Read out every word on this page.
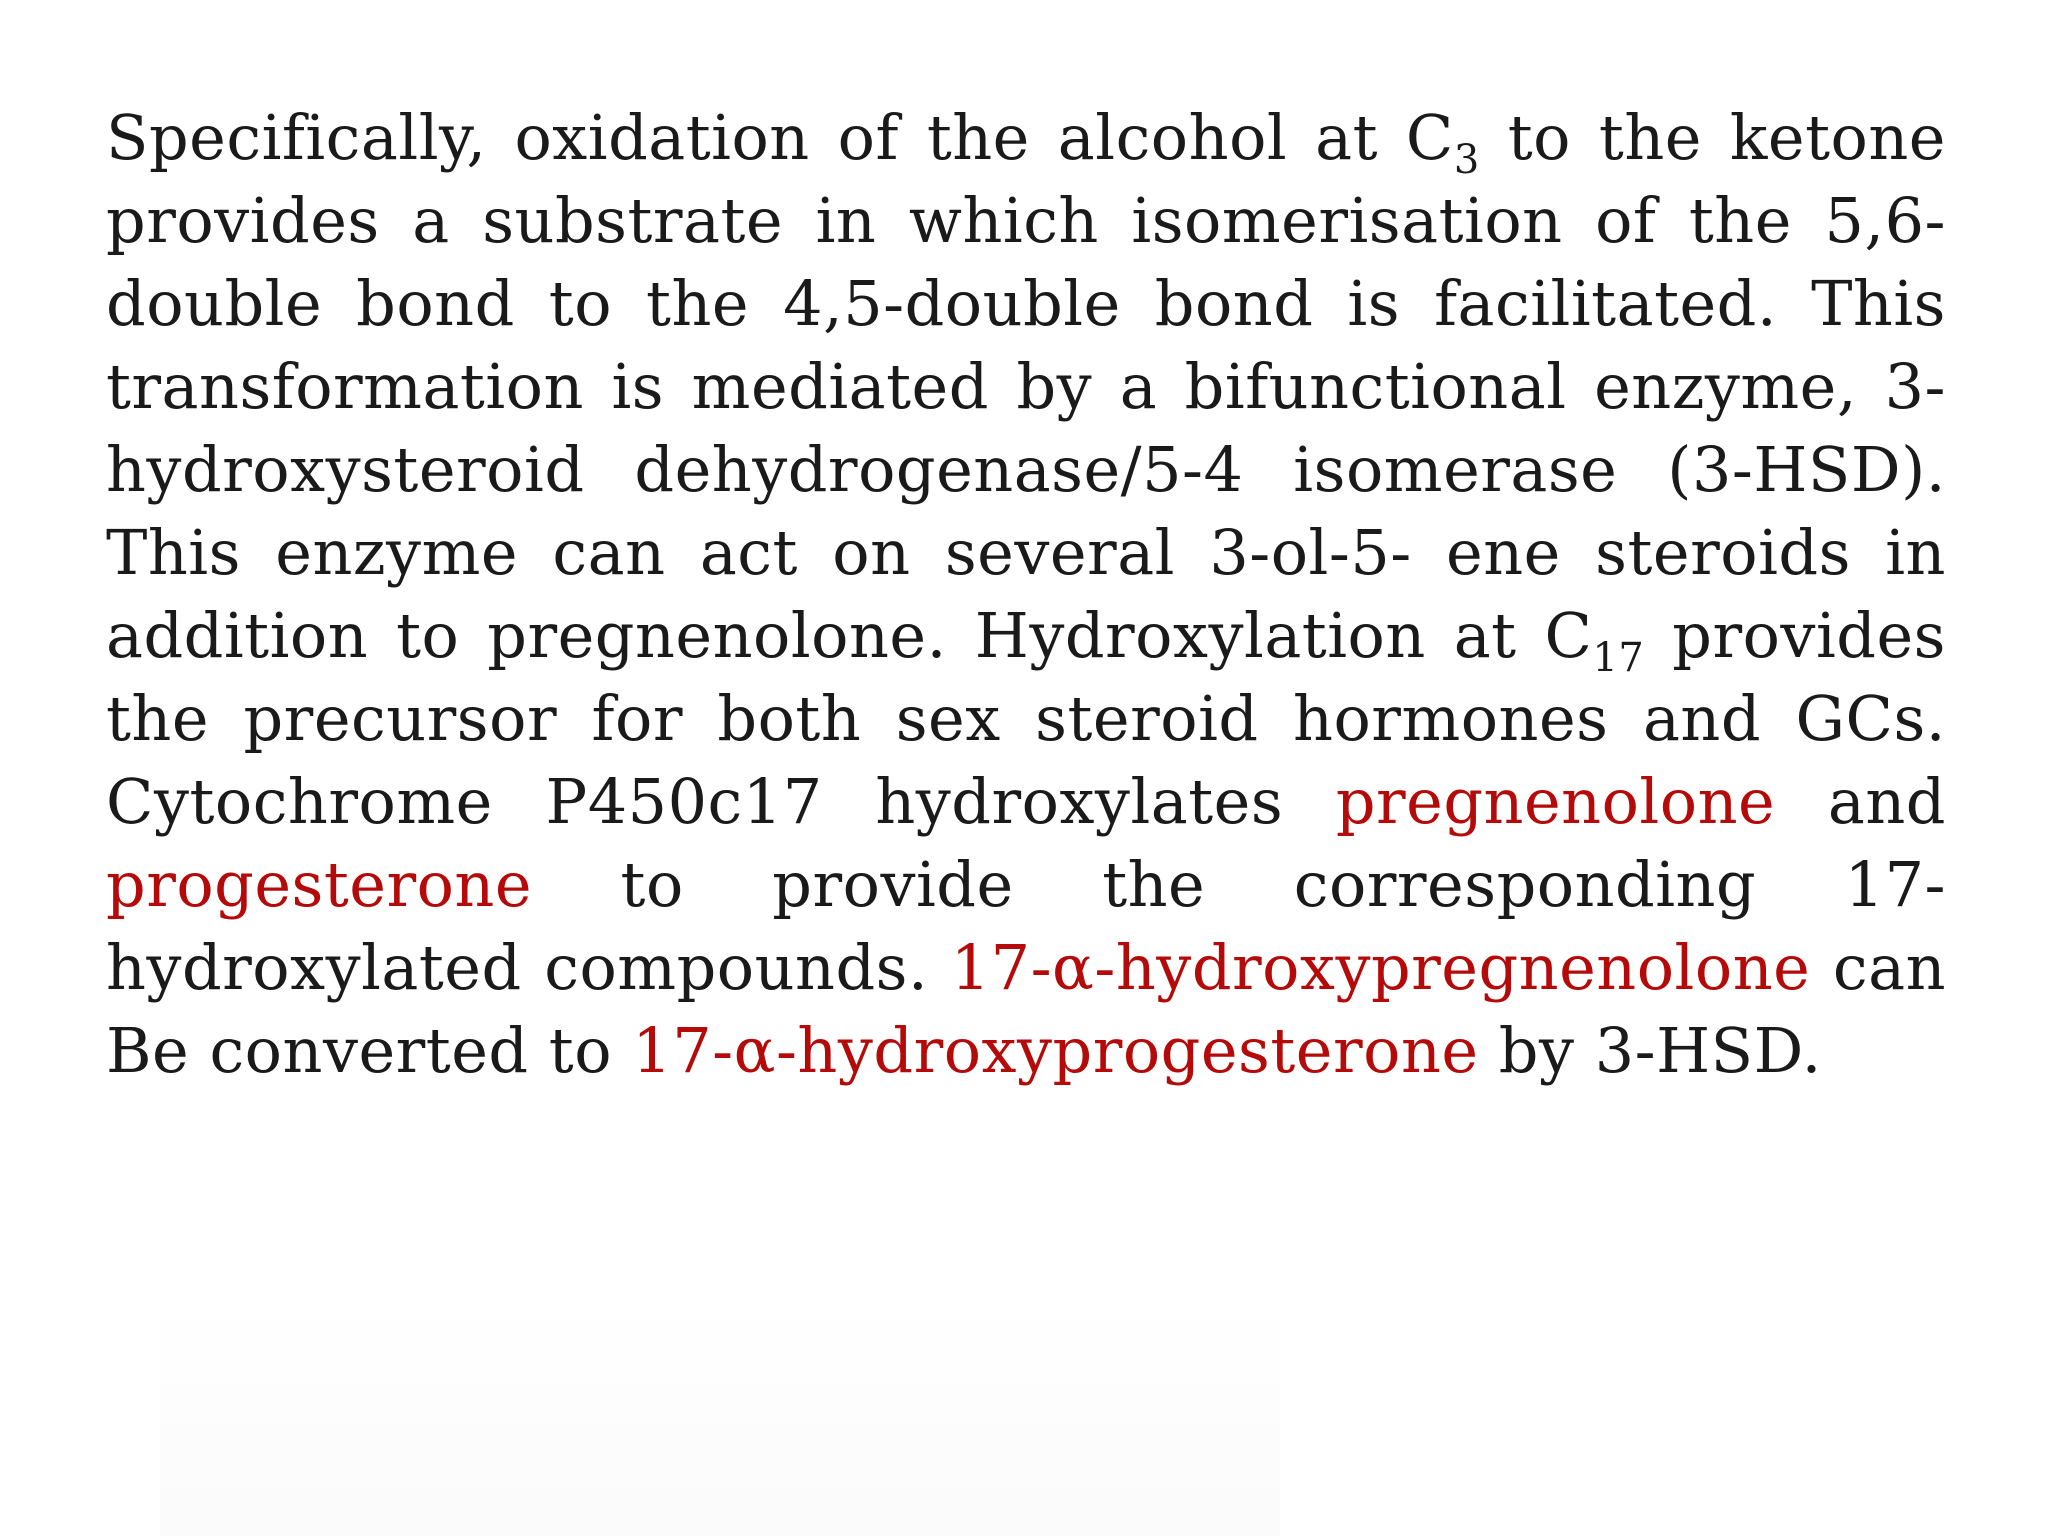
Specifically, oxidation of the alcohol at $C_3$ to the ketone provides a substrate in which isomerisation of the 5,6-double bond to the 4,5-double bond is facilitated. This transformation is mediated by a bifunctional enzyme, 3-hydroxysteroid dehydrogenase/5-4 isomerase (3-HSD). This enzyme can act on several 3-ol-5- ene steroids in addition to pregnenolone. Hydroxylation at $C_{17}$ provides the precursor for both sex steroid hormones and GCs. Cytochrome P450c17 hydroxylates pregnenolone and progesterone to provide the corresponding 17-hydroxylated compounds. 17-α-hydroxypregnenolone can Be converted to 17-α-hydroxyprogesterone by 3-HSD.
